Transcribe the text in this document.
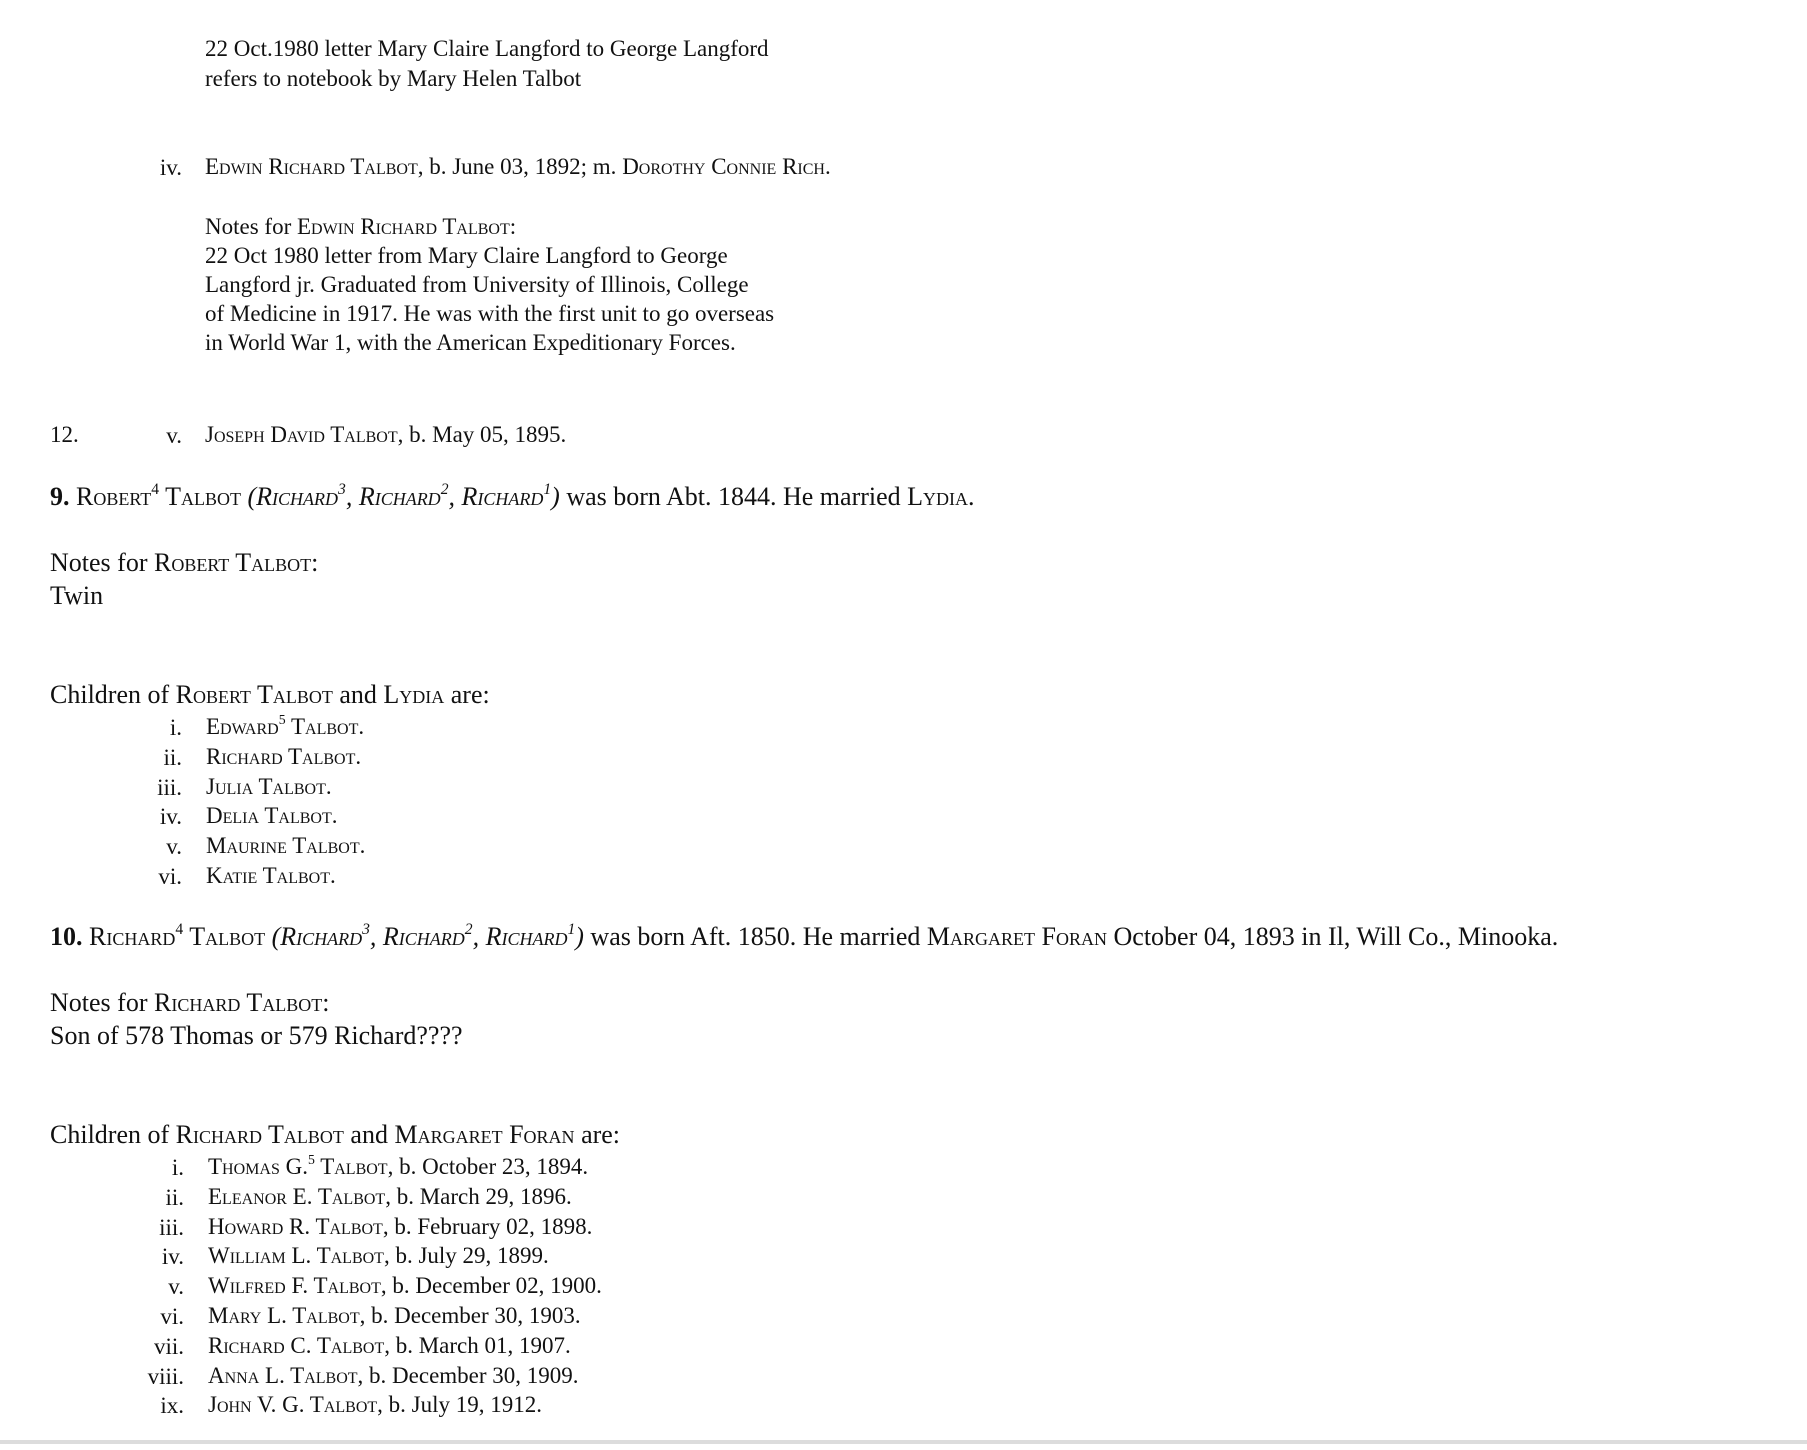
22 Oct.1980 letter Mary Claire Langford to George Langford
refers to notebook by Mary Helen Talbot
iv. Edwin Richard Talbot, b. June 03, 1892; m. Dorothy Connie Rich.
Notes for Edwin Richard Talbot:
22 Oct 1980 letter from Mary Claire Langford to George
Langford jr. Graduated from University of Illinois, College
of Medicine in 1917. He was with the first unit to go overseas
in World War 1, with the American Expeditionary Forces.
12.	v. Joseph David Talbot, b. May 05, 1895.
9. Robert$^4$ Talbot (Richard$^3$, Richard$^2$, Richard$^1$) was born Abt. 1844. He married Lydia.
Notes for Robert Talbot:
Twin
Children of Robert Talbot and Lydia are:
i. Edward$^5$ Talbot.
ii. Richard Talbot.
iii. Julia Talbot.
iv. Delia Talbot.
v. Maurine Talbot.
vi. Katie Talbot.
10. Richard$^4$ Talbot (Richard$^3$, Richard$^2$, Richard$^1$) was born Aft. 1850. He married Margaret Foran October 04, 1893 in Il, Will Co., Minooka.
Notes for Richard Talbot:
Son of 578 Thomas or 579 Richard????
Children of Richard Talbot and Margaret Foran are:
i. Thomas G.$^5$ Talbot, b. October 23, 1894.
ii. Eleanor E. Talbot, b. March 29, 1896.
iii. Howard R. Talbot, b. February 02, 1898.
iv. William L. Talbot, b. July 29, 1899.
v. Wilfred F. Talbot, b. December 02, 1900.
vi. Mary L. Talbot, b. December 30, 1903.
vii. Richard C. Talbot, b. March 01, 1907.
viii. Anna L. Talbot, b. December 30, 1909.
ix. John V. G. Talbot, b. July 19, 1912.
